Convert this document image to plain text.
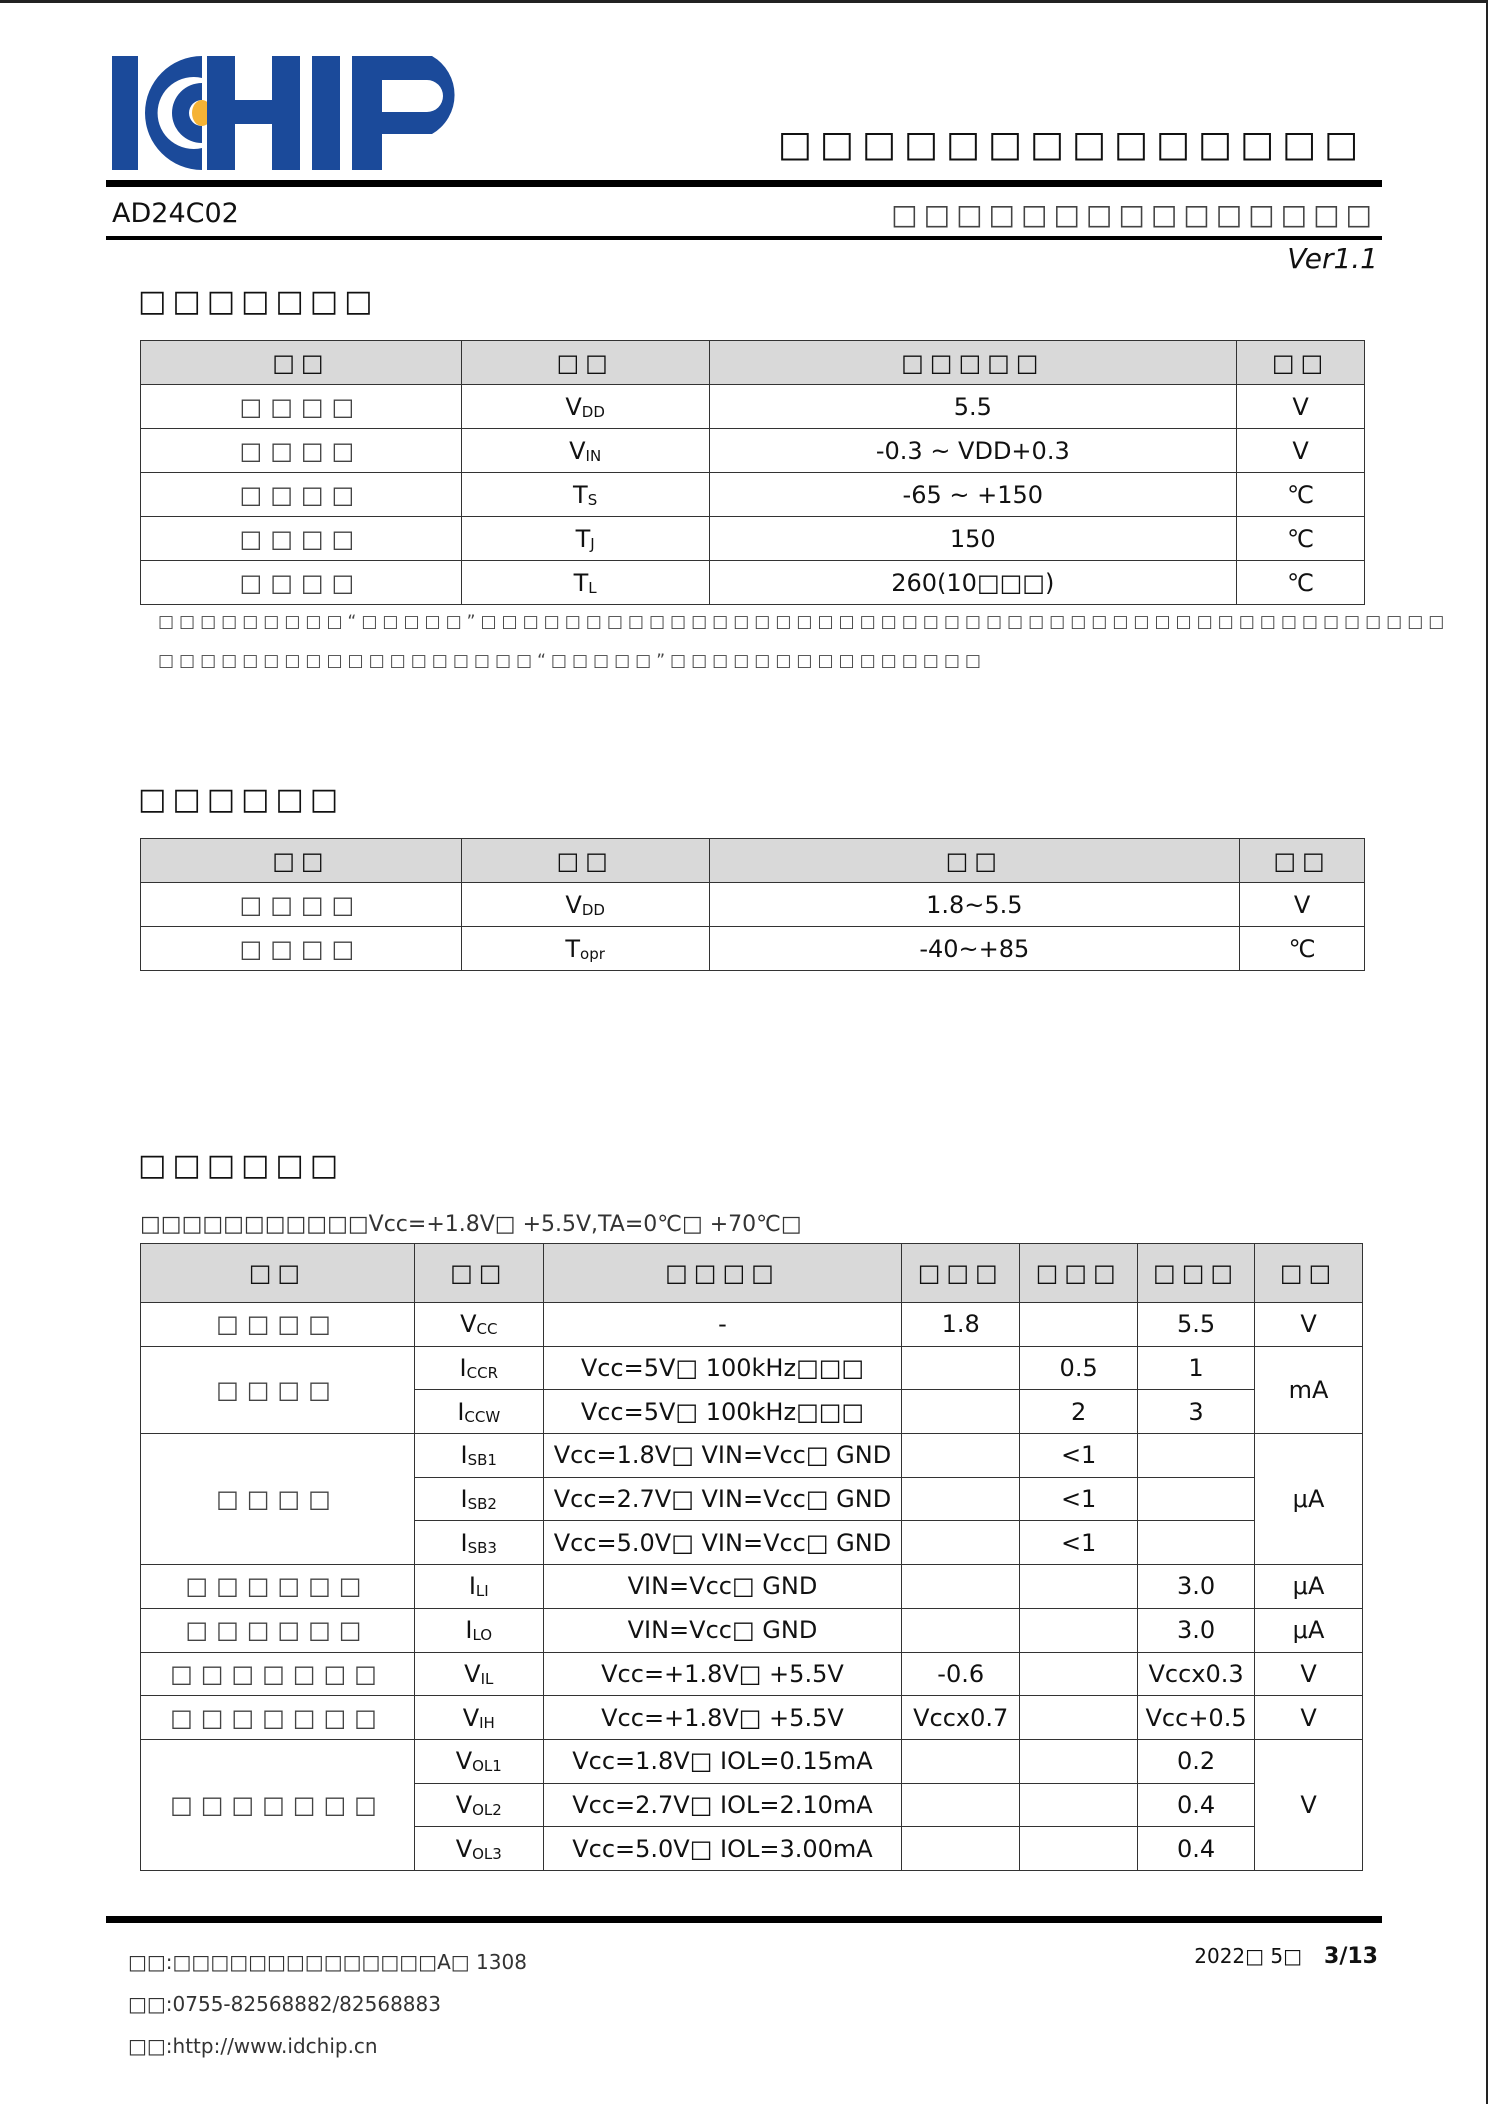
□□□□□□□□□□□□□□
AD24C02	□□□□□□□□□□□□□□□
Ver1.1
□□□□□□□
□□	□□	□□□□□	□□
□□□□	$V_{DD}$	5.5	V
□□□□	$V_{IN}$	-0.3 ~ VDD+0.3	V
□□□□	$T_S$	-65 ~ +150	℃
□□□□	$T_J$	150	℃
□□□□	$T_L$	260(10□□□)	℃
□□□□□□□□□“□□□□□”□□□□□□□□□□□□□□□□□□□□□□□□□□□□□□□□□□□□□□□□□□□□□□
□□□□□□□□□□□□□□□□□□“□□□□□”□□□□□□□□□□□□□□□
□□□□□□
□□	□□	□□	□□
□□□□	$V_{DD}$	1.8~5.5	V
□□□□	$T_{opr}$	-40~+85	℃
□□□□□□
□□□□□□□□□□□Vcc=+1.8V□ +5.5V,TA=0℃□ +70℃□
□□	□□	□□□□	□□□	□□□	□□□	□□
□□□□	$V_{CC}$	-	1.8		5.5	V
□□□□	$I_{CCR}$	Vcc=5V□ 100kHz□□□		0.5	1	mA
	$I_{CCW}$	Vcc=5V□ 100kHz□□□		2	3	
□□□□	$I_{SB1}$	Vcc=1.8V□ VIN=Vcc□ GND		<1		μA
	$I_{SB2}$	Vcc=2.7V□ VIN=Vcc□ GND		<1		
	$I_{SB3}$	Vcc=5.0V□ VIN=Vcc□ GND		<1		
□□□□□□	$I_{LI}$	VIN=Vcc□ GND			3.0	μA
□□□□□□	$I_{LO}$	VIN=Vcc□ GND			3.0	μA
□□□□□□□	$V_{IL}$	Vcc=+1.8V□ +5.5V	-0.6		Vccx0.3	V
□□□□□□□	$V_{IH}$	Vcc=+1.8V□ +5.5V	Vccx0.7		Vcc+0.5	V
□□□□□□□	$V_{OL1}$	Vcc=1.8V□ IOL=0.15mA			0.2	V
	$V_{OL2}$	Vcc=2.7V□ IOL=2.10mA			0.4	
	$V_{OL3}$	Vcc=5.0V□ IOL=3.00mA			0.4	
□□:□□□□□□□□□□□□□□A□ 1308
□□:0755-82568882/82568883
□□:http://www.idchip.cn
2022□ 5□ 3/13
